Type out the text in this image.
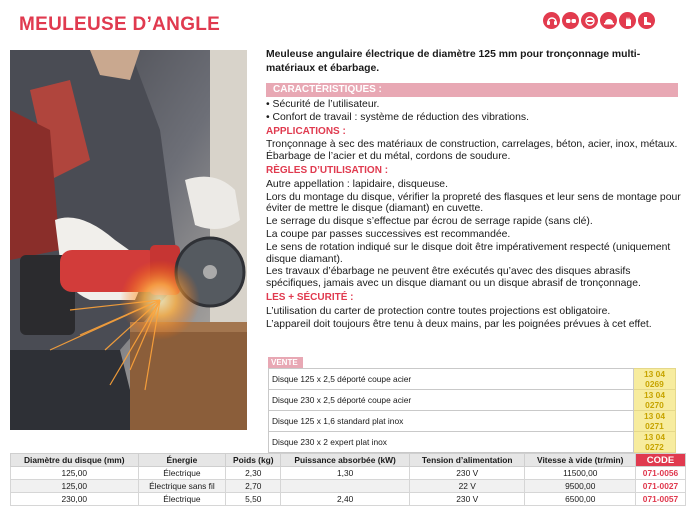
MEULEUSE D’ANGLE
Meuleuse angulaire électrique de diamètre 125 mm pour tronçonnage multi-matériaux et ébarbage.
CARACTÉRISTIQUES :
• Sécurité de l’utilisateur.
• Confort de travail : système de réduction des vibrations.
APPLICATIONS :
Tronçonnage à sec des matériaux de construction, carrelages, béton, acier, inox, métaux. Ébarbage de l’acier et du métal, cordons de soudure.
RÈGLES D’UTILISATION :
Autre appellation : lapidaire, disqueuse.
Lors du montage du disque, vérifier la propreté des flasques et leur sens de montage pour éviter de mettre le disque (diamant) en cuvette.
Le serrage du disque s’effectue par écrou de serrage rapide (sans clé).
La coupe par passes successives est recommandée.
Le sens de rotation indiqué sur le disque doit être impérativement respecté (uniquement disque diamant).
Les travaux d’ébarbage ne peuvent être exécutés qu’avec des disques abrasifs spécifiques, jamais avec un disque diamant ou un disque abrasif de tronçonnage.
LES + SÉCURITÉ :
L’utilisation du carter de protection contre toutes projections est obligatoire.
L’appareil doit toujours être tenu à deux mains, par les poignées prévues à cet effet.
VENTE
Disque 125 x 2,5 déporté coupe acier	13 04 0269
Disque 230 x 2,5 déporté coupe acier	13 04 0270
Disque 125 x 1,6 standard plat inox	13 04 0271
Disque 230 x 2 expert plat inox	13 04 0272
Diamètre du disque (mm)	Énergie	Poids (kg)	Puissance absorbée (kW)	Tension d’alimentation	Vitesse à vide (tr/min)	CODE
125,00	Électrique	2,30	1,30	230 V	11500,00	071-0056
125,00	Électrique sans fil	2,70		22 V	9500,00	071-0027
230,00	Électrique	5,50	2,40	230 V	6500,00	071-0057
